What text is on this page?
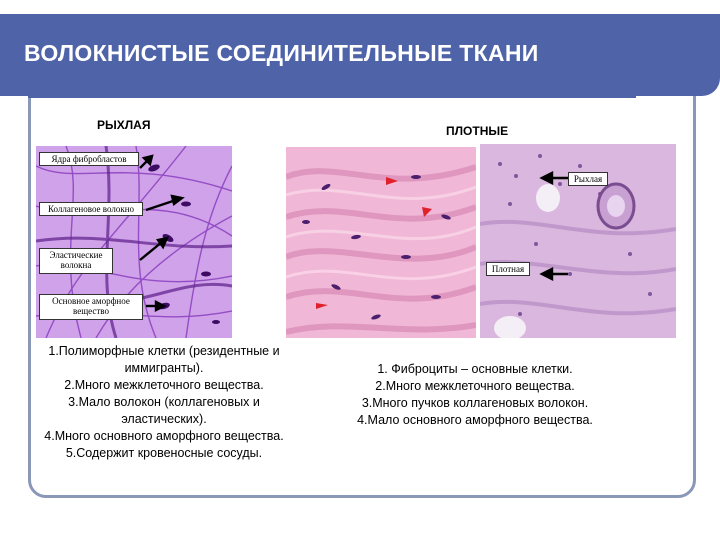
ВОЛОКНИСТЫЕ СОЕДИНИТЕЛЬНЫЕ ТКАНИ
РЫХЛАЯ
Ядра фибробластов
Коллагеновое волокно
Эластические волокна
Основное аморфное вещество
1.Полиморфные клетки (резидентные и иммигранты).
2.Много межклеточного вещества.
3.Мало волокон (коллагеновых и эластических).
4.Много основного аморфного вещества.
5.Содержит кровеносные сосуды.
ПЛОТНЫЕ
Рыхлая
Плотная
1. Фиброциты – основные клетки.
2.Много межклеточного вещества.
3.Много пучков коллагеновых волокон.
4.Мало основного аморфного вещества.
